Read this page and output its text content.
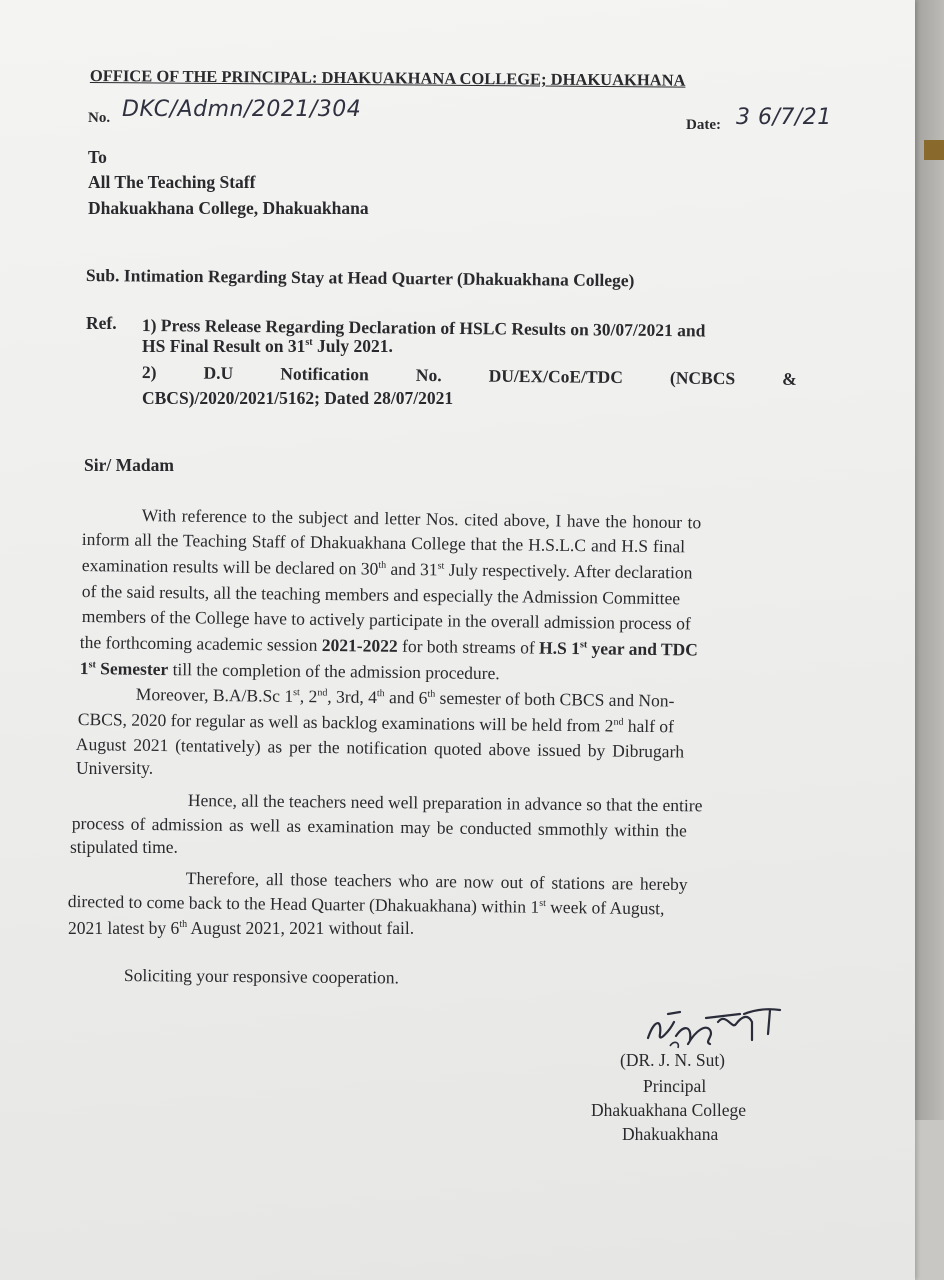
OFFICE OF THE PRINCIPAL: DHAKUAKHANA COLLEGE; DHAKUAKHANA
No. DKC/Admn/2021/304
Date: 3 6/7/21
To
All The Teaching Staff
Dhakuakhana College, Dhakuakhana
Sub. Intimation Regarding Stay at Head Quarter (Dhakuakhana College)
Ref. 1) Press Release Regarding Declaration of HSLC Results on 30/07/2021 and
HS Final Result on 31st July 2021.
2)	D.U	Notification	No.	DU/EX/CoE/TDC	(NCBCS	&
CBCS)/2020/2021/5162; Dated 28/07/2021
Sir/ Madam
With reference to the subject and letter Nos. cited above, I have the honour to
inform all the Teaching Staff of Dhakuakhana College that the H.S.L.C and H.S final
examination results will be declared on 30th and 31st July respectively. After declaration
of the said results, all the teaching members and especially the Admission Committee
members of the College have to actively participate in the overall admission process of
the forthcoming academic session 2021-2022 for both streams of H.S 1st year and TDC
1st Semester till the completion of the admission procedure.
Moreover, B.A/B.Sc 1st, 2nd, 3rd, 4th and 6th semester of both CBCS and Non-
CBCS, 2020 for regular as well as backlog examinations will be held from 2nd half of
August 2021 (tentatively) as per the notification quoted above issued by Dibrugarh
University.
Hence, all the teachers need well preparation in advance so that the entire
process of admission as well as examination may be conducted smmothly within the
stipulated time.
Therefore, all those teachers who are now out of stations are hereby
directed to come back to the Head Quarter (Dhakuakhana) within 1st week of August,
2021 latest by 6th August 2021, 2021 without fail.
Soliciting your responsive cooperation.
(DR. J. N. Sut)
Principal
Dhakuakhana College
Dhakuakhana
